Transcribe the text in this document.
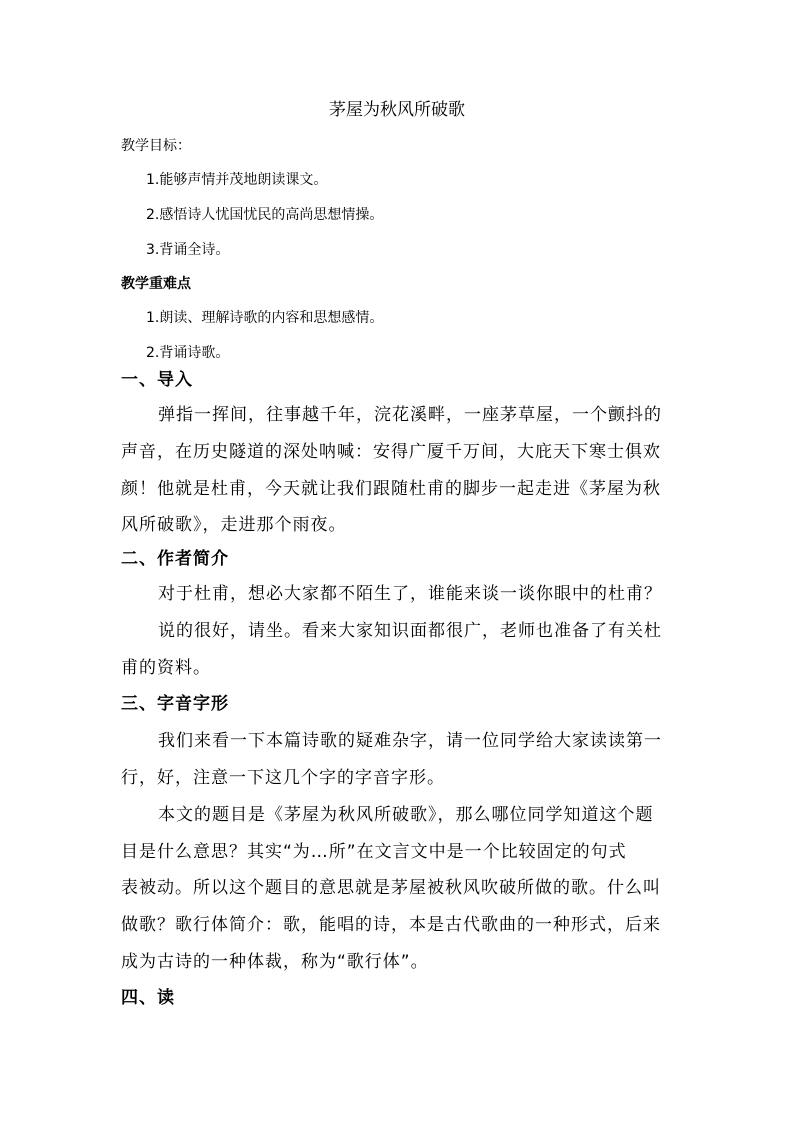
茅屋为秋风所破歌
教学目标：
1.能够声情并茂地朗读课文。
2.感悟诗人忧国忧民的高尚思想情操。
3.背诵全诗。
教学重难点
1.朗读、理解诗歌的内容和思想感情。
2.背诵诗歌。
一、导入
弹指一挥间，往事越千年，浣花溪畔，一座茅草屋，一个颤抖的
声音，在历史隧道的深处呐喊：安得广厦千万间，大庇天下寒士俱欢
颜！他就是杜甫，今天就让我们跟随杜甫的脚步一起走进《茅屋为秋
风所破歌》，走进那个雨夜。
二、作者简介
对于杜甫，想必大家都不陌生了，谁能来谈一谈你眼中的杜甫？
说的很好，请坐。看来大家知识面都很广，老师也准备了有关杜
甫的资料。
三、字音字形
我们来看一下本篇诗歌的疑难杂字，请一位同学给大家读读第一
行，好，注意一下这几个字的字音字形。
本文的题目是《茅屋为秋风所破歌》，那么哪位同学知道这个题
目是什么意思？其实“为…所”在文言文中是一个比较固定的句式
表被动。所以这个题目的意思就是茅屋被秋风吹破所做的歌。什么叫
做歌？歌行体简介：歌，能唱的诗，本是古代歌曲的一种形式，后来
成为古诗的一种体裁，称为“歌行体”。
四、读
